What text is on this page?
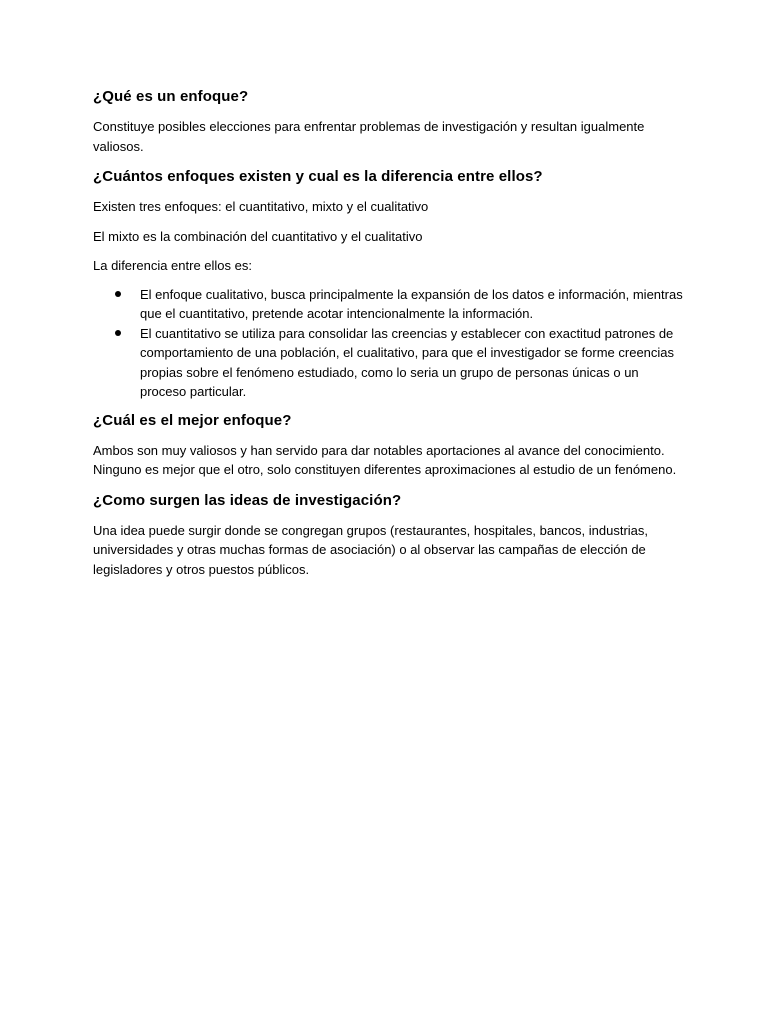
¿Qué es un enfoque?

Constituye posibles elecciones para enfrentar problemas de investigación y resultan igualmente valiosos.

¿Cuántos enfoques existen y cual es la diferencia entre ellos?

Existen tres enfoques: el cuantitativo, mixto y el cualitativo

El mixto es la combinación del cuantitativo y el cualitativo

La diferencia entre ellos es:

El enfoque cualitativo, busca principalmente la expansión de los datos e información, mientras que el cuantitativo, pretende acotar intencionalmente la información.
El cuantitativo se utiliza para consolidar las creencias y establecer con exactitud patrones de comportamiento de una población, el cualitativo, para que el investigador se forme creencias propias sobre el fenómeno estudiado, como lo seria un grupo de personas únicas o un proceso particular.
¿Cuál es el mejor enfoque?

Ambos son muy valiosos y han servido para dar notables aportaciones al avance del conocimiento. Ninguno es mejor que el otro, solo constituyen diferentes aproximaciones al estudio de un fenómeno.

¿Como surgen las ideas de investigación?

Una idea puede surgir donde se congregan grupos (restaurantes, hospitales, bancos, industrias, universidades y otras muchas formas de asociación) o al observar las campañas de elección de legisladores y otros puestos públicos.
